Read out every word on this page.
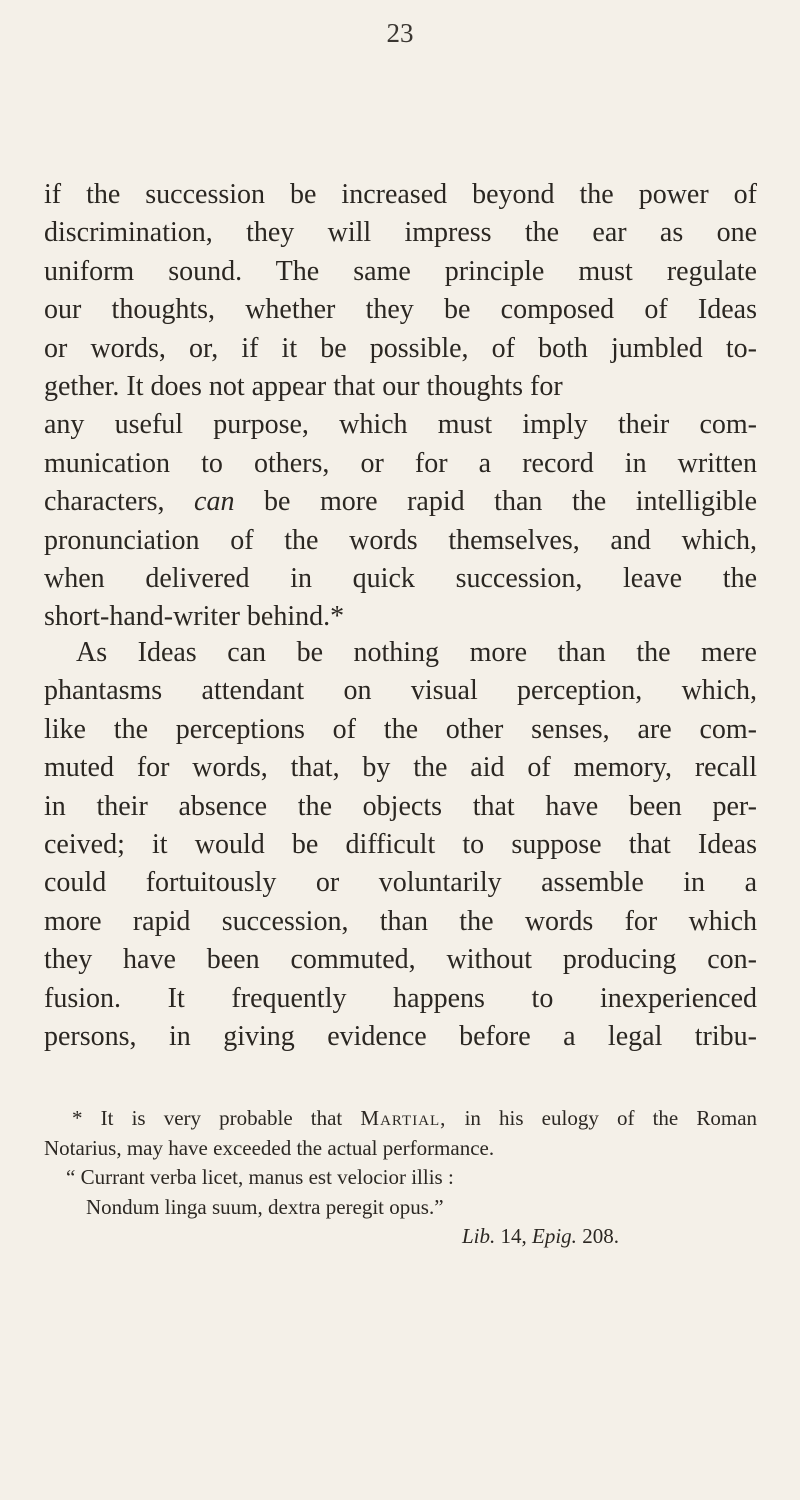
23
if the succession be increased beyond the power of
discrimination, they will impress the ear as one
uniform sound. The same principle must regulate
our thoughts, whether they be composed of Ideas
or words, or, if it be possible, of both jumbled to-
gether. It does not appear that our thoughts for
any useful purpose, which must imply their com-
munication to others, or for a record in written
characters, can be more rapid than the intelligible
pronunciation of the words themselves, and which,
when delivered in quick succession, leave the
short-hand-writer behind.*
As Ideas can be nothing more than the mere
phantasms attendant on visual perception, which,
like the perceptions of the other senses, are com-
muted for words, that, by the aid of memory, recall
in their absence the objects that have been per-
ceived; it would be difficult to suppose that Ideas
could fortuitously or voluntarily assemble in a
more rapid succession, than the words for which
they have been commuted, without producing con-
fusion. It frequently happens to inexperienced
persons, in giving evidence before a legal tribu-
* It is very probable that Martial, in his eulogy of the Roman
Notarius, may have exceeded the actual performance.
“ Currant verba licet, manus est velocior illis :
Nondum linga suum, dextra peregit opus.”
Lib. 14, Epig. 208.
